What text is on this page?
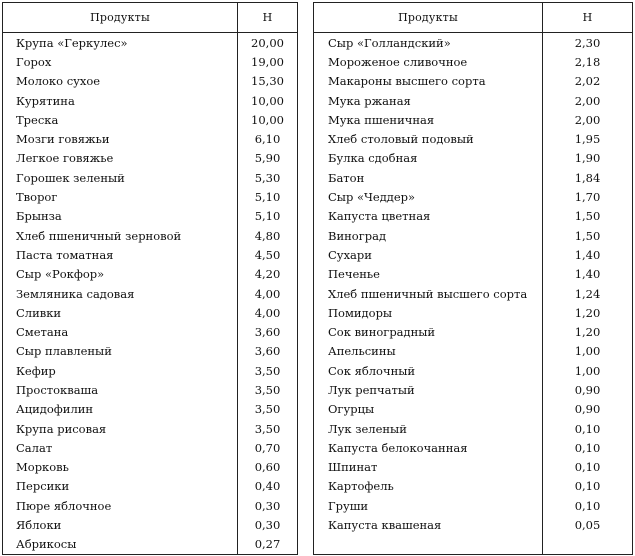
Продукты	Н
Крупа «Геркулес»	20,00
Горох	19,00
Молоко сухое	15,30
Курятина	10,00
Треска	10,00
Мозги говяжьи	6,10
Легкое говяжье	5,90
Горошек зеленый	5,30
Творог	5,10
Брынза	5,10
Хлеб пшеничный зерновой	4,80
Паста томатная	4,50
Сыр «Рокфор»	4,20
Земляника садовая	4,00
Сливки	4,00
Сметана	3,60
Сыр плавленый	3,60
Кефир	3,50
Простокваша	3,50
Ацидофилин	3,50
Крупа рисовая	3,50
Салат	0,70
Морковь	0,60
Персики	0,40
Пюре яблочное	0,30
Яблоки	0,30
Абрикосы	0,27
Продукты	Н
Сыр «Голландский»	2,30
Мороженое сливочное	2,18
Макароны высшего сорта	2,02
Мука ржаная	2,00
Мука пшеничная	2,00
Хлеб столовый подовый	1,95
Булка сдобная	1,90
Батон	1,84
Сыр «Чеддер»	1,70
Капуста цветная	1,50
Виноград	1,50
Сухари	1,40
Печенье	1,40
Хлеб пшеничный высшего сорта	1,24
Помидоры	1,20
Сок виноградный	1,20
Апельсины	1,00
Сок яблочный	1,00
Лук репчатый	0,90
Огурцы	0,90
Лук зеленый	0,10
Капуста белокочанная	0,10
Шпинат	0,10
Картофель	0,10
Груши	0,10
Капуста квашеная	0,05
